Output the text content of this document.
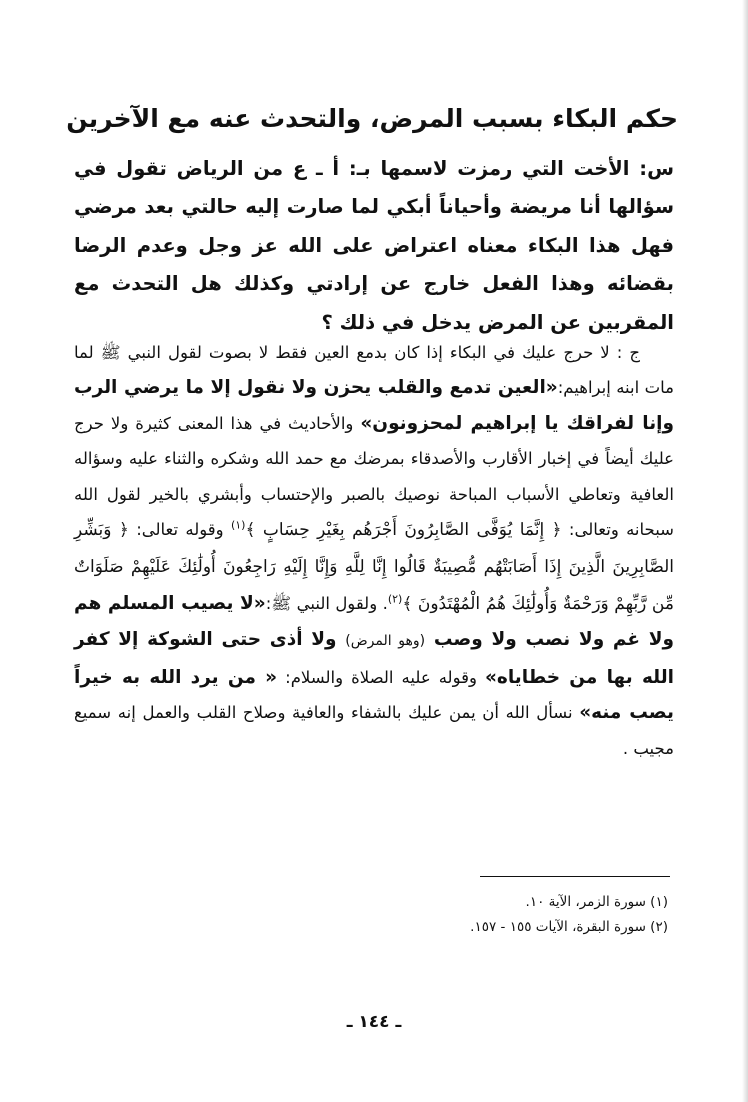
حكم البكاء بسبب المرض، والتحدث عنه مع الآخرين

س: الأخت التي رمزت لاسمها بـ: أ ـ ع من الرياض تقول في سؤالها أنا مريضة وأحياناً أبكي لما صارت إليه حالتي بعد مرضي فهل هذا البكاء معناه اعتراض على الله عز وجل وعدم الرضا بقضائه وهذا الفعل خارج عن إرادتي وكذلك هل التحدث مع المقربين عن المرض يدخل في ذلك ؟

ج : لا حرج عليك في البكاء إذا كان بدمع العين فقط لا بصوت لقول النبي ﷺ لما مات ابنه إبراهيم:«العين تدمع والقلب يحزن ولا نقول إلا ما يرضي الرب وإنا لفراقك يا إبراهيم لمحزونون» والأحاديث في هذا المعنى كثيرة ولا حرج عليك أيضاً في إخبار الأقارب والأصدقاء بمرضك مع حمد الله وشكره والثناء عليه وسؤاله العافية وتعاطي الأسباب المباحة نوصيك بالصبر والإحتساب وأبشري بالخير لقول الله سبحانه وتعالى: ﴿ إِنَّمَا يُوَفَّى الصَّابِرُونَ أَجْرَهُم بِغَيْرِ حِسَابٍ ﴾$^{(١)}$ وقوله تعالى: ﴿ وَبَشِّرِ الصَّابِرِينَ الَّذِينَ إِذَا أَصَابَتْهُم مُّصِيبَةٌ قَالُوا إِنَّا لِلَّهِ وَإِنَّا إِلَيْهِ رَاجِعُونَ أُولَٰئِكَ عَلَيْهِمْ صَلَوَاتٌ مِّن رَّبِّهِمْ وَرَحْمَةٌ وَأُولَٰئِكَ هُمُ الْمُهْتَدُونَ ﴾$^{(٢)}$. ولقول النبي ﷺ:«لا يصيب المسلم هم ولا غم ولا نصب ولا وصب (وهو المرض) ولا أذى حتى الشوكة إلا كفر الله بها من خطاياه» وقوله عليه الصلاة والسلام: « من يرد الله به خيراً يصب منه» نسأل الله أن يمن عليك بالشفاء والعافية وصلاح القلب والعمل إنه سميع مجيب .

(١) سورة الزمر، الآية ١٠.
(٢) سورة البقرة، الآيات ١٥٥ - ١٥٧.
ـ ١٤٤ ـ
